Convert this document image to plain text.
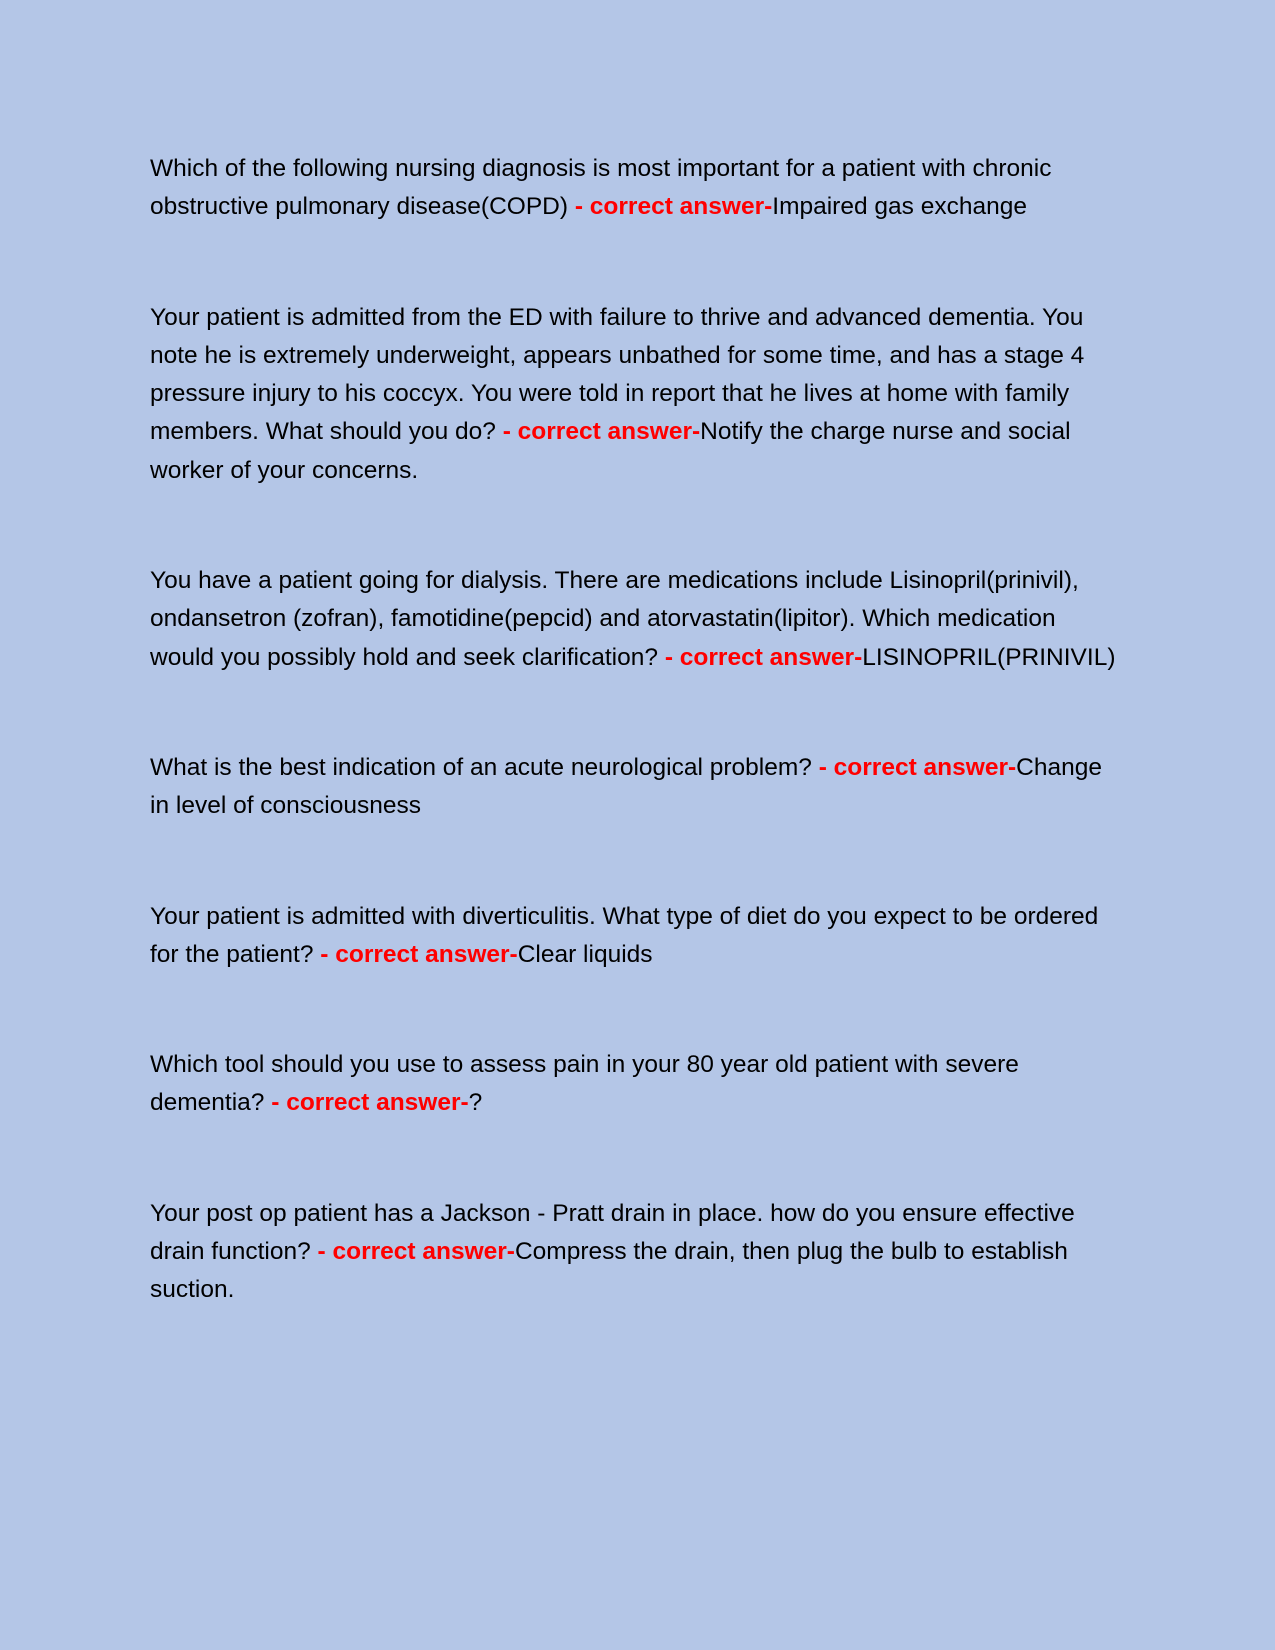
Which of the following nursing diagnosis is most important for a patient with chronic obstructive pulmonary disease(COPD) - correct answer-Impaired gas exchange

Your patient is admitted from the ED with failure to thrive and advanced dementia. You note he is extremely underweight, appears unbathed for some time, and has a stage 4 pressure injury to his coccyx. You were told in report that he lives at home with family members. What should you do? - correct answer-Notify the charge nurse and social worker of your concerns.

You have a patient going for dialysis. There are medications include Lisinopril(prinivil), ondansetron (zofran), famotidine(pepcid) and atorvastatin(lipitor). Which medication would you possibly hold and seek clarification? - correct answer-LISINOPRIL(PRINIVIL)

What is the best indication of an acute neurological problem? - correct answer-Change in level of consciousness

Your patient is admitted with diverticulitis. What type of diet do you expect to be ordered for the patient? - correct answer-Clear liquids

Which tool should you use to assess pain in your 80 year old patient with severe dementia? - correct answer-?

Your post op patient has a Jackson - Pratt drain in place. how do you ensure effective drain function? - correct answer-Compress the drain, then plug the bulb to establish suction.
